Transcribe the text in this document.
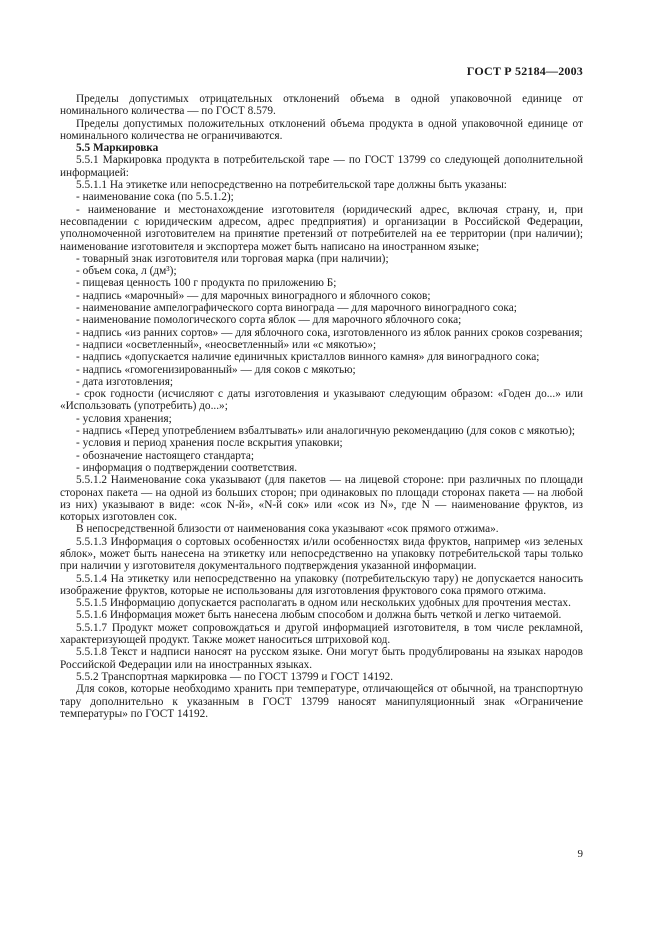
ГОСТ Р 52184—2003

Пределы допустимых отрицательных отклонений объема в одной упаковочной единице от номинального количества — по ГОСТ 8.579.

Пределы допустимых положительных отклонений объема продукта в одной упаковочной единице от номинального количества не ограничиваются.

5.5 Маркировка

5.5.1 Маркировка продукта в потребительской таре — по ГОСТ 13799 со следующей дополнительной информацией:

5.5.1.1 На этикетке или непосредственно на потребительской таре должны быть указаны:

- наименование сока (по 5.5.1.2);

- наименование и местонахождение изготовителя (юридический адрес, включая страну, и, при несовпадении с юридическим адресом, адрес предприятия) и организации в Российской Федерации, уполномоченной изготовителем на принятие претензий от потребителей на ее территории (при наличии); наименование изготовителя и экспортера может быть написано на иностранном языке;

- товарный знак изготовителя или торговая марка (при наличии);

- объем сока, л (дм³);

- пищевая ценность 100 г продукта по приложению Б;

- надпись «марочный» — для марочных виноградного и яблочного соков;

- наименование ампелографического сорта винограда — для марочного виноградного сока;

- наименование помологического сорта яблок — для марочного яблочного сока;

- надпись «из ранних сортов» — для яблочного сока, изготовленного из яблок ранних сроков созревания;

- надписи «осветленный», «неосветленный» или «с мякотью»;

- надпись «допускается наличие единичных кристаллов винного камня» для виноградного сока;

- надпись «гомогенизированный» — для соков с мякотью;

- дата изготовления;

- срок годности (исчисляют с даты изготовления и указывают следующим образом: «Годен до...» или «Использовать (употребить) до...»;

- условия хранения;

- надпись «Перед употреблением взбалтывать» или аналогичную рекомендацию (для соков с мякотью);

- условия и период хранения после вскрытия упаковки;

- обозначение настоящего стандарта;

- информация о подтверждении соответствия.

5.5.1.2 Наименование сока указывают (для пакетов — на лицевой стороне: при различных по площади сторонах пакета — на одной из больших сторон; при одинаковых по площади сторонах пакета — на любой из них) указывают в виде: «сок N-й», «N-й сок» или «сок из N», где N — наименование фруктов, из которых изготовлен сок.

В непосредственной близости от наименования сока указывают «сок прямого отжима».

5.5.1.3 Информация о сортовых особенностях и/или особенностях вида фруктов, например «из зеленых яблок», может быть нанесена на этикетку или непосредственно на упаковку потребительской тары только при наличии у изготовителя документального подтверждения указанной информации.

5.5.1.4 На этикетку или непосредственно на упаковку (потребительскую тару) не допускается наносить изображение фруктов, которые не использованы для изготовления фруктового сока прямого отжима.

5.5.1.5 Информацию допускается располагать в одном или нескольких удобных для прочтения местах.

5.5.1.6 Информация может быть нанесена любым способом и должна быть четкой и легко читаемой.

5.5.1.7 Продукт может сопровождаться и другой информацией изготовителя, в том числе рекламной, характеризующей продукт. Также может наноситься штриховой код.

5.5.1.8 Текст и надписи наносят на русском языке. Они могут быть продублированы на языках народов Российской Федерации или на иностранных языках.

5.5.2 Транспортная маркировка — по ГОСТ 13799 и ГОСТ 14192.

Для соков, которые необходимо хранить при температуре, отличающейся от обычной, на транспортную тару дополнительно к указанным в ГОСТ 13799 наносят манипуляционный знак «Ограничение температуры» по ГОСТ 14192.

9
